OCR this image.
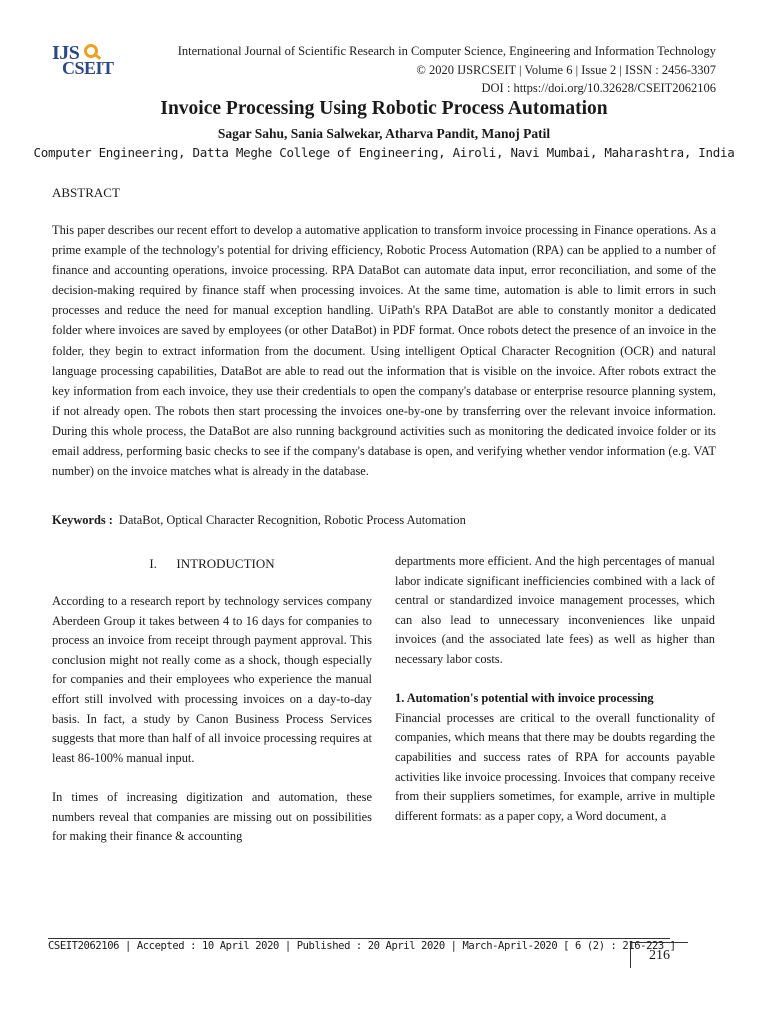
IJS
CSEIT
International Journal of Scientific Research in Computer Science, Engineering and Information Technology
© 2020 IJSRCSEIT | Volume 6 | Issue 2 | ISSN : 2456-3307
DOI : https://doi.org/10.32628/CSEIT2062106
Invoice Processing Using Robotic Process Automation
Sagar Sahu, Sania Salwekar, Atharva Pandit, Manoj Patil
Computer Engineering, Datta Meghe College of Engineering, Airoli, Navi Mumbai, Maharashtra, India
ABSTRACT
This paper describes our recent effort to develop a automative application to transform invoice processing in Finance operations. As a prime example of the technology's potential for driving efficiency, Robotic Process Automation (RPA) can be applied to a number of finance and accounting operations, invoice processing. RPA DataBot can automate data input, error reconciliation, and some of the decision-making required by finance staff when processing invoices. At the same time, automation is able to limit errors in such processes and reduce the need for manual exception handling. UiPath's RPA DataBot are able to constantly monitor a dedicated folder where invoices are saved by employees (or other DataBot) in PDF format. Once robots detect the presence of an invoice in the folder, they begin to extract information from the document. Using intelligent Optical Character Recognition (OCR) and natural language processing capabilities, DataBot are able to read out the information that is visible on the invoice. After robots extract the key information from each invoice, they use their credentials to open the company's database or enterprise resource planning system, if not already open. The robots then start processing the invoices one-by-one by transferring over the relevant invoice information. During this whole process, the DataBot are also running background activities such as monitoring the dedicated invoice folder or its email address, performing basic checks to see if the company's database is open, and verifying whether vendor information (e.g. VAT number) on the invoice matches what is already in the database.
Keywords : DataBot, Optical Character Recognition, Robotic Process Automation
I.      INTRODUCTION

According to a research report by technology services company Aberdeen Group it takes between 4 to 16 days for companies to process an invoice from receipt through payment approval. This conclusion might not really come as a shock, though especially for companies and their employees who experience the manual effort still involved with processing invoices on a day-to-day basis. In fact, a study by Canon Business Process Services suggests that more than half of all invoice processing requires at least 86-100% manual input.

In times of increasing digitization and automation, these numbers reveal that companies are missing out on possibilities for making their finance & accounting

departments more efficient. And the high percentages of manual labor indicate significant inefficiencies combined with a lack of central or standardized invoice management processes, which can also lead to unnecessary inconveniences like unpaid invoices (and the associated late fees) as well as higher than necessary labor costs.

1. Automation's potential with invoice processing

Financial processes are critical to the overall functionality of companies, which means that there may be doubts regarding the capabilities and success rates of RPA for accounts payable activities like invoice processing. Invoices that company receive from their suppliers sometimes, for example, arrive in multiple different formats: as a paper copy, a Word document, a

CSEIT2062106 | Accepted : 10 April 2020 | Published : 20 April 2020 | March-April-2020 [ 6 (2) : 216-223 ]
216
